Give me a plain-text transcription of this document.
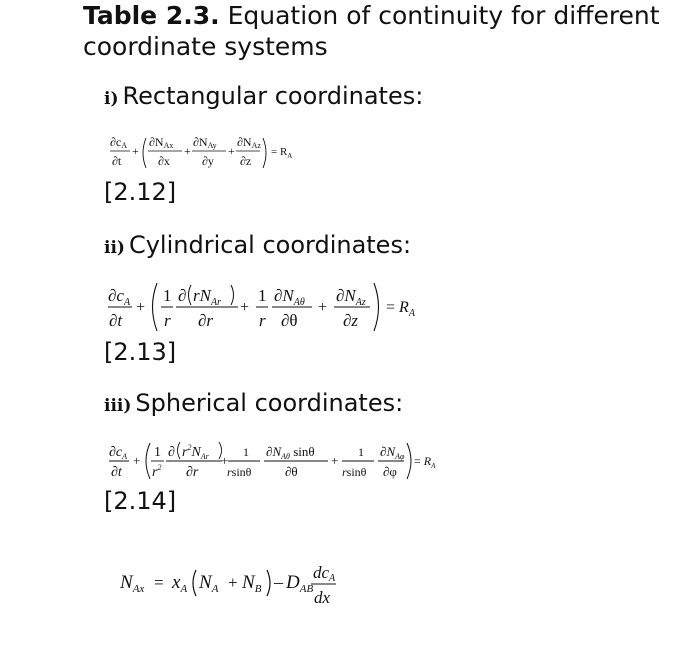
Table 2.3. Equation of continuity for different coordinate systems
i) Rectangular coordinates:
∂cA
∂t
+
∂NAx
∂x
+
∂NAy
∂y
+
∂NAz
∂z
= $R_A$
[2.12]
ii) Cylindrical coordinates:
$\partial c_A$
∂t
+
1
r
∂ $rN_{Ar}$
∂r
+
1
r
$\partial N_{A\theta}$
∂θ
+
$\partial N_{Az}$
∂z
= $R_A$
[2.13]
iii) Spherical coordinates:
$\partial c_A$
∂t
+
1
$r^2$
∂ $r^2N_{Ar}$
∂r
+
1
rsinθ
$\partial N_{A\theta}$ sinθ
∂θ
+
1
rsinθ
$\partial N_{A\varphi}$
∂φ
= $R_A$
[2.14]
$N_{Ax} = x_A$ $N_A + N_B - D_{AB}$
dcA
dx
